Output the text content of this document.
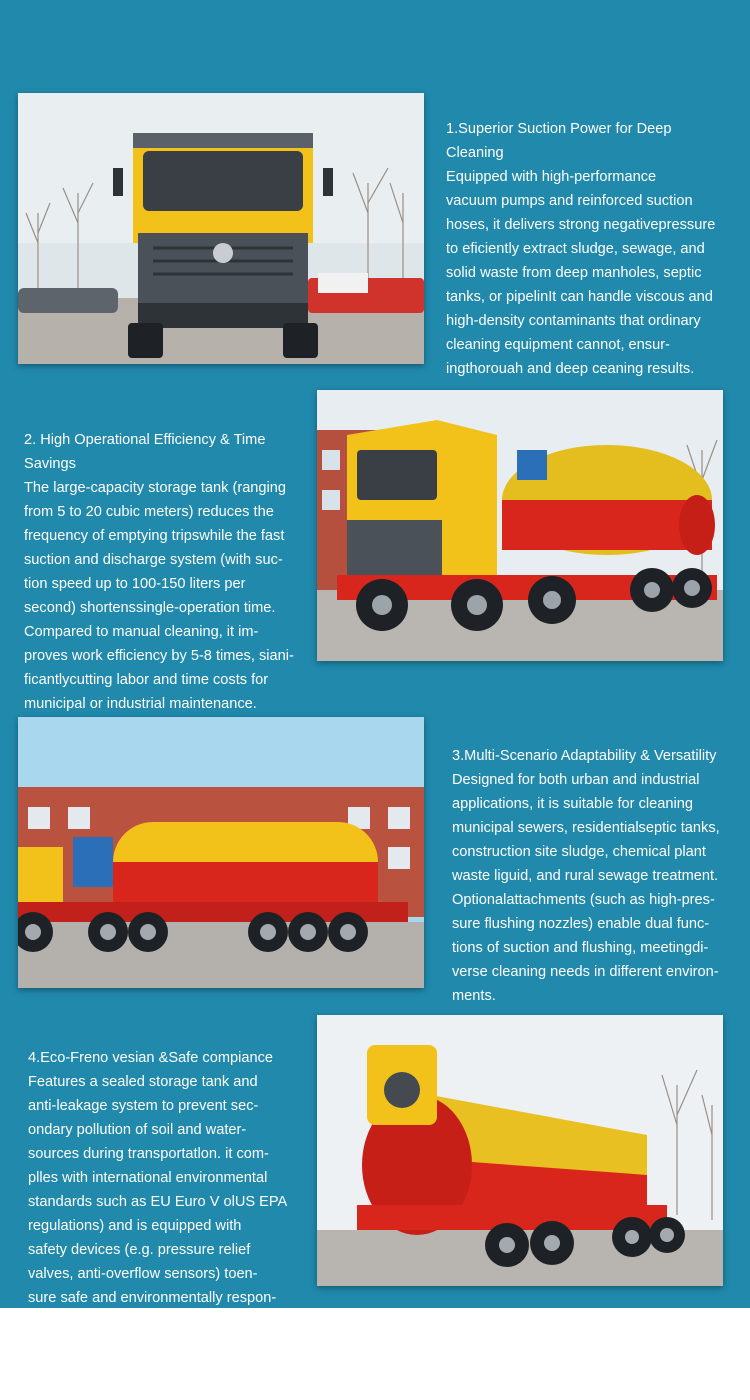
1.Superior Suction Power for Deep
Cleaning
Equipped with high-performance
vacuum pumps and reinforced suction
hoses, it delivers strong negativepressure
to eficiently extract sludge, sewage, and
solid waste from deep manholes, septic
tanks, or pipelinIt can handle viscous and
high-density contaminants that ordinary
cleaning equipment cannot, ensur-
ingthorouah and deep ceaning results.

2. High Operational Efficiency & Time
Savings
The large-capacity storage tank (ranging
from 5 to 20 cubic meters) reduces the
frequency of emptying tripswhile the fast
suction and discharge system (with suc-
tion speed up to 100-150 liters per
second) shortenssingle-operation time.
Compared to manual cleaning, it im-
proves work efficiency by 5-8 times, siani-
ficantlycutting labor and time costs for
municipal or industrial maintenance.

3.Multi-Scenario Adaptability & Versatility
Designed for both urban and industrial
applications, it is suitable for cleaning
municipal sewers, residentialseptic tanks,
construction site sludge, chemical plant
waste liguid, and rural sewage treatment.
Optionalattachments (such as high-pres-
sure flushing nozzles) enable dual func-
tions of suction and flushing, meetingdi-
verse cleaning needs in different environ-
ments.

4.Eco-Freno vesian &Safe compiance
Features a sealed storage tank and
anti-leakage system to prevent sec-
ondary pollution of soil and water-
sources during transportatlon. it com-
plles with international environmental
standards such as EU Euro V olUS EPA
regulations) and is equipped with
safety devices (e.g. pressure relief
valves, anti-overflow sensors) toen-
sure safe and environmentally respon-
sible operations.
